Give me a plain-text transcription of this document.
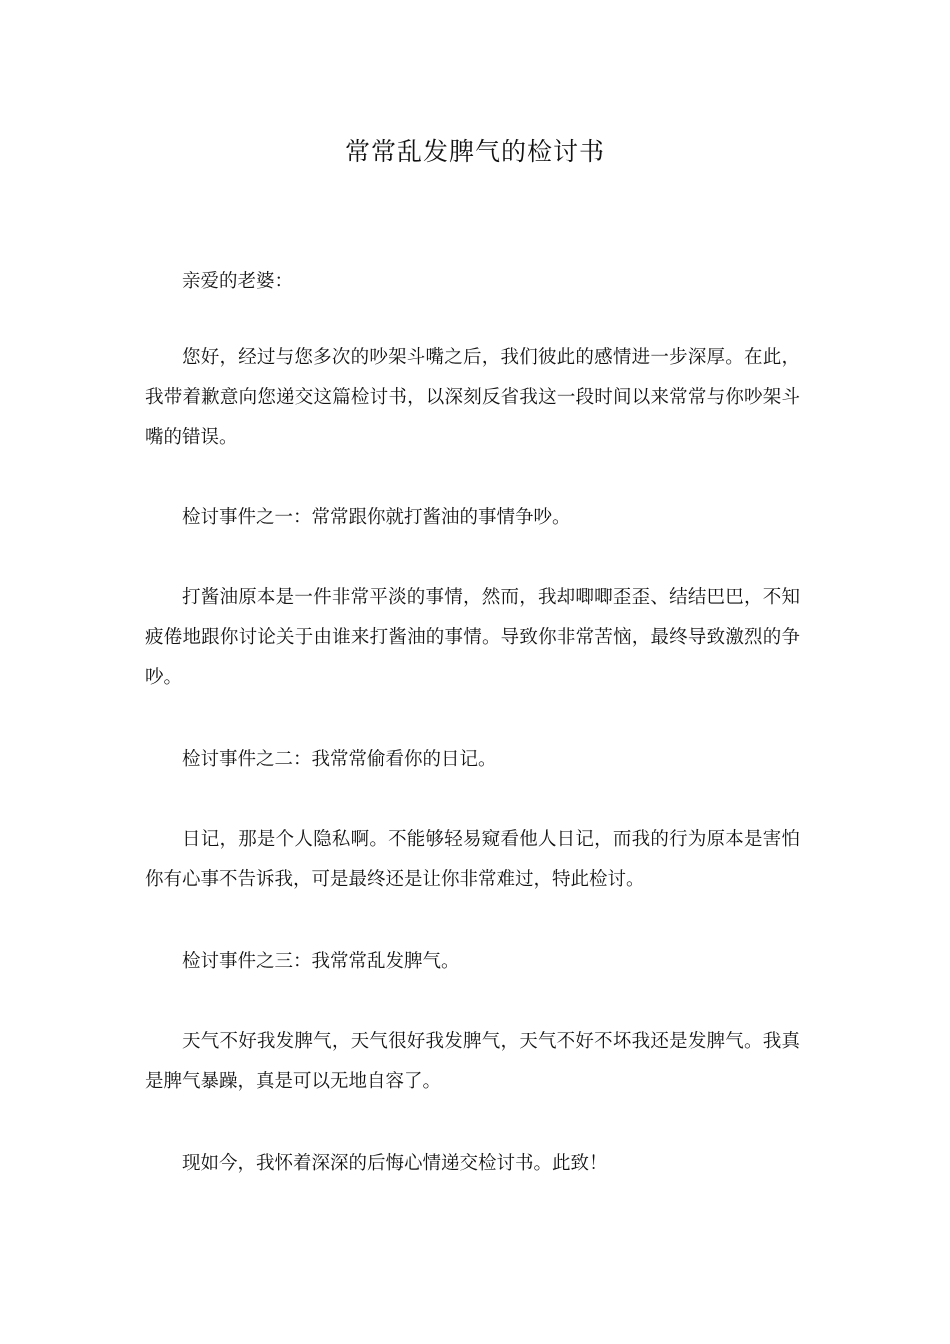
常常乱发脾气的检讨书
亲爱的老婆：
您好，经过与您多次的吵架斗嘴之后，我们彼此的感情进一步深厚。在此，我带着歉意向您递交这篇检讨书，以深刻反省我这一段时间以来常常与你吵架斗嘴的错误。
检讨事件之一：常常跟你就打酱油的事情争吵。
打酱油原本是一件非常平淡的事情，然而，我却唧唧歪歪、结结巴巴，不知疲倦地跟你讨论关于由谁来打酱油的事情。导致你非常苦恼，最终导致激烈的争吵。
检讨事件之二：我常常偷看你的日记。
日记，那是个人隐私啊。不能够轻易窥看他人日记，而我的行为原本是害怕你有心事不告诉我，可是最终还是让你非常难过，特此检讨。
检讨事件之三：我常常乱发脾气。
天气不好我发脾气，天气很好我发脾气，天气不好不坏我还是发脾气。我真是脾气暴躁，真是可以无地自容了。
现如今，我怀着深深的后悔心情递交检讨书。此致！
